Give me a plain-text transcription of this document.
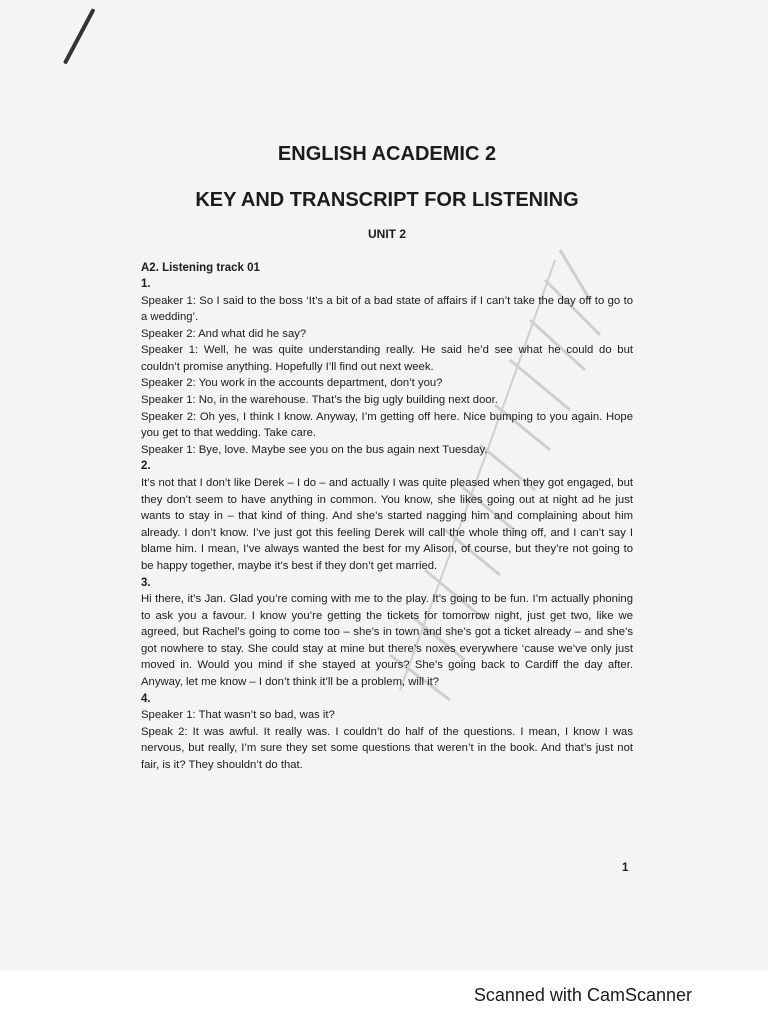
ENGLISH ACADEMIC 2
KEY AND TRANSCRIPT FOR LISTENING
UNIT 2
A2. Listening track 01

1.

Speaker 1: So I said to the boss ‘It’s a bit of a bad state of affairs if I can’t take the day off to go to a wedding’.

Speaker 2: And what did he say?

Speaker 1: Well, he was quite understanding really. He said he’d see what he could do but couldn’t promise anything. Hopefully I’ll find out next week.

Speaker 2: You work in the accounts department, don’t you?

Speaker 1: No, in the warehouse. That’s the big ugly building next door.

Speaker 2: Oh yes, I think I know. Anyway, I’m getting off here. Nice bumping to you again. Hope you get to that wedding. Take care.

Speaker 1: Bye, love. Maybe see you on the bus again next Tuesday.

2.

It’s not that I don’t like Derek – I do – and actually I was quite pleased when they got engaged, but they don’t seem to have anything in common. You know, she likes going out at night ad he just wants to stay in – that kind of thing. And she’s started nagging him and complaining about him already. I don’t know. I’ve just got this feeling Derek will call the whole thing off, and I can’t say I blame him. I mean, I’ve always wanted the best for my Alison, of course, but they’re not going to be happy together, maybe it’s best if they don’t get married.

3.

Hi there, it’s Jan. Glad you’re coming with me to the play. It’s going to be fun. I’m actually phoning to ask you a favour. I know you’re getting the tickets for tomorrow night, just get two, like we agreed, but Rachel’s going to come too – she’s in town and she’s got a ticket already – and she’s got nowhere to stay. She could stay at mine but there’s noxes everywhere ‘cause we’ve only just moved in. Would you mind if she stayed at yours? She’s going back to Cardiff the day after. Anyway, let me know – I don’t think it’ll be a problem, will it?

4.

Speaker 1: That wasn’t so bad, was it?

Speak 2: It was awful. It really was. I couldn’t do half of the questions. I mean, I know I was nervous, but really, I’m sure they set some questions that weren’t in the book. And that’s just not fair, is it? They shouldn’t do that.

1
Scanned with CamScanner
